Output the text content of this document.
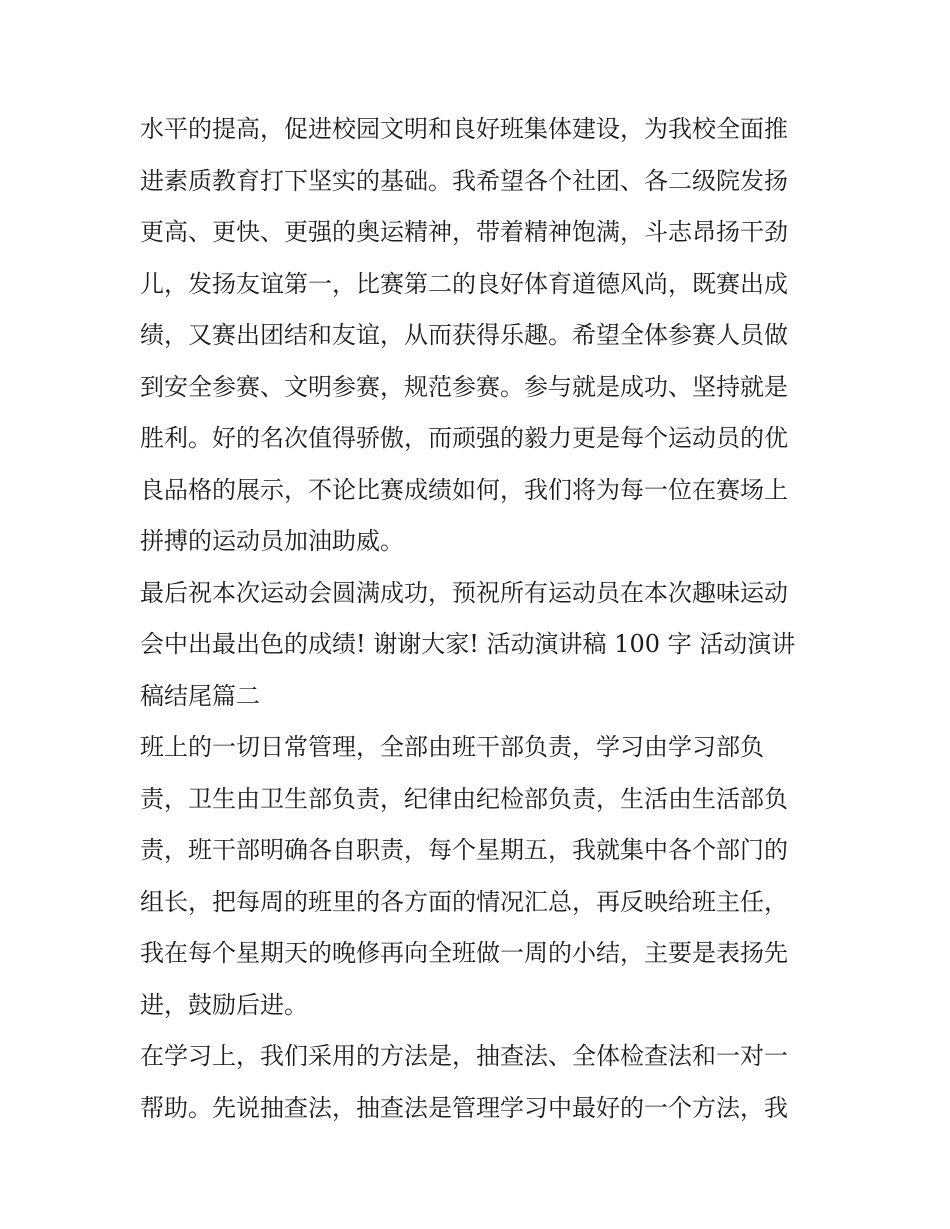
水平的提高，促进校园文明和良好班集体建设，为我校全面推
进素质教育打下坚实的基础。我希望各个社团、各二级院发扬
更高、更快、更强的奥运精神，带着精神饱满，斗志昂扬干劲
儿，发扬友谊第一，比赛第二的良好体育道德风尚，既赛出成
绩，又赛出团结和友谊，从而获得乐趣。希望全体参赛人员做
到安全参赛、文明参赛，规范参赛。参与就是成功、坚持就是
胜利。好的名次值得骄傲，而顽强的毅力更是每个运动员的优
良品格的展示，不论比赛成绩如何，我们将为每一位在赛场上
拼搏的运动员加油助威。
最后祝本次运动会圆满成功，预祝所有运动员在本次趣味运动
会中出最出色的成绩! 谢谢大家! 活动演讲稿 100 字 活动演讲
稿结尾篇二
班上的一切日常管理，全部由班干部负责，学习由学习部负
责，卫生由卫生部负责，纪律由纪检部负责，生活由生活部负
责，班干部明确各自职责，每个星期五，我就集中各个部门的
组长，把每周的班里的各方面的情况汇总，再反映给班主任，
我在每个星期天的晚修再向全班做一周的小结，主要是表扬先
进，鼓励后进。
在学习上，我们采用的方法是，抽查法、全体检查法和一对一
帮助。先说抽查法，抽查法是管理学习中最好的一个方法，我
